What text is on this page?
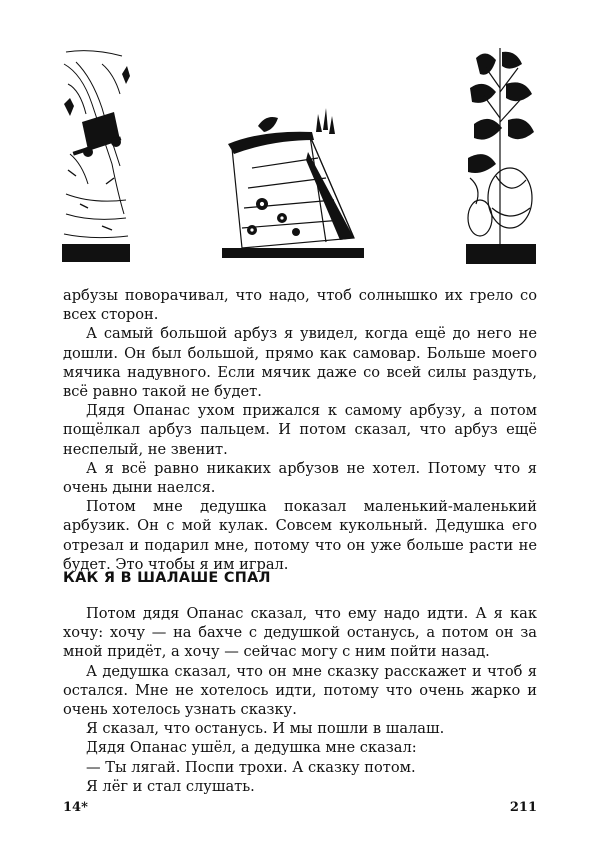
арбузы поворачивал, что надо, чтоб солнышко их грело со всех сторон.

А самый большой арбуз я увидел, когда ещё до него не дошли. Он был большой, прямо как самовар. Больше моего мячика надувного. Если мячик даже со всей силы раздуть, всё равно такой не будет.

Дядя Опанас ухом прижался к самому арбузу, а потом пощёлкал арбуз пальцем. И потом сказал, что арбуз ещё неспелый, не звенит.

А я всё равно никаких арбузов не хотел. Потому что я очень дыни наелся.

Потом мне дедушка показал маленький-маленький арбузик. Он с мой кулак. Совсем кукольный. Дедушка его отрезал и подарил мне, потому что он уже больше расти не будет. Это чтобы я им играл.

КАК Я В ШАЛАШЕ СПАЛ

Потом дядя Опанас сказал, что ему надо идти. А я как хочу: хочу — на бахче с дедушкой останусь, а потом он за мной придёт, а хочу — сейчас могу с ним пойти назад.

А дедушка сказал, что он мне сказку расскажет и чтоб я остался. Мне не хотелось идти, потому что очень жарко и очень хотелось узнать сказку.

Я сказал, что останусь. И мы пошли в шалаш.

Дядя Опанас ушёл, а дедушка мне сказал:

— Ты лягай. Поспи трохи. А сказку потом.

Я лёг и стал слушать.

14*	211
